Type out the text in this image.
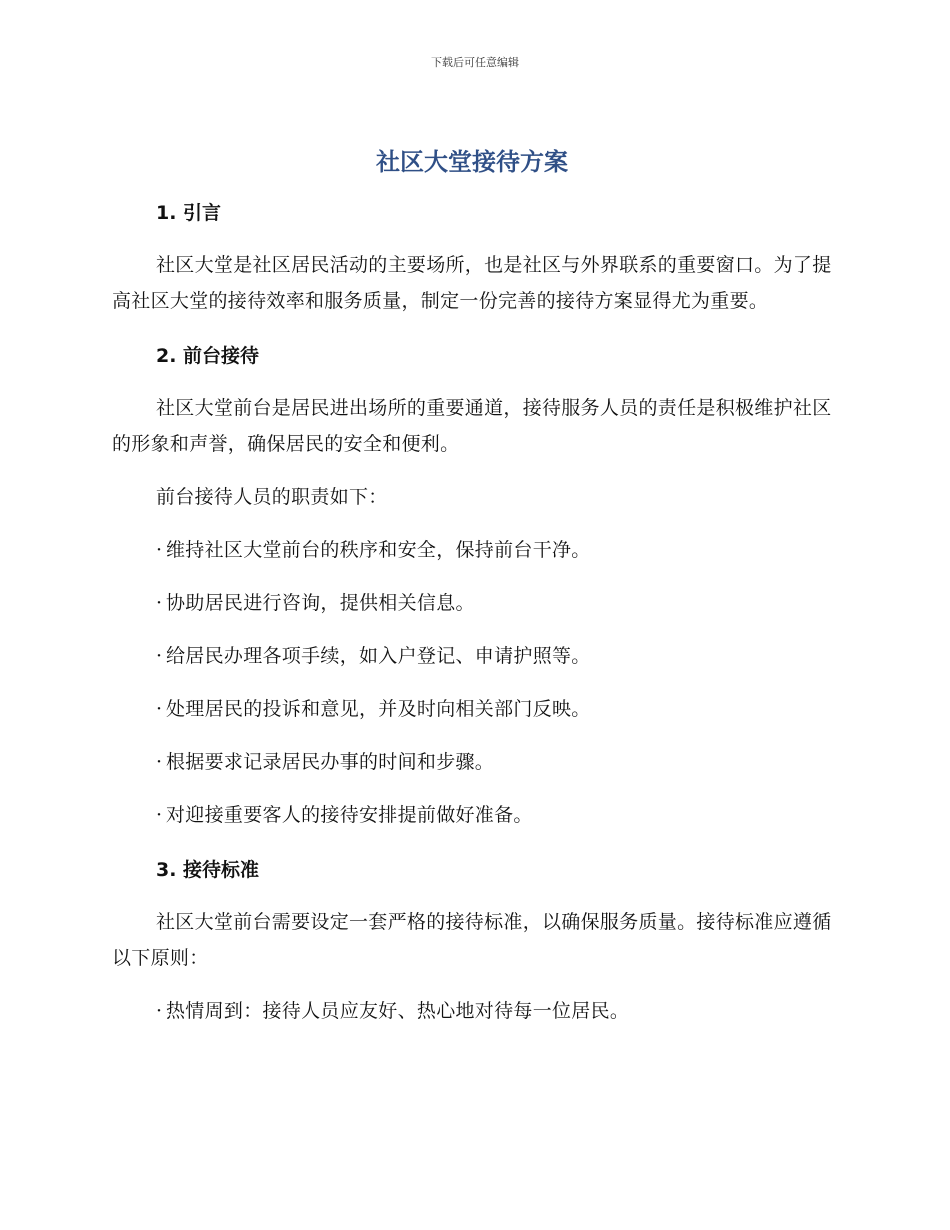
下载后可任意编辑
社区大堂接待方案
1. 引言

社区大堂是社区居民活动的主要场所，也是社区与外界联系的重要窗口。为了提高社区大堂的接待效率和服务质量，制定一份完善的接待方案显得尤为重要。

2. 前台接待

社区大堂前台是居民进出场所的重要通道，接待服务人员的责任是积极维护社区的形象和声誉，确保居民的安全和便利。

前台接待人员的职责如下：

· 维持社区大堂前台的秩序和安全，保持前台干净。
· 协助居民进行咨询，提供相关信息。
· 给居民办理各项手续，如入户登记、申请护照等。
· 处理居民的投诉和意见，并及时向相关部门反映。
· 根据要求记录居民办事的时间和步骤。
· 对迎接重要客人的接待安排提前做好准备。
3. 接待标准

社区大堂前台需要设定一套严格的接待标准，以确保服务质量。接待标准应遵循以下原则：

· 热情周到：接待人员应友好、热心地对待每一位居民。
